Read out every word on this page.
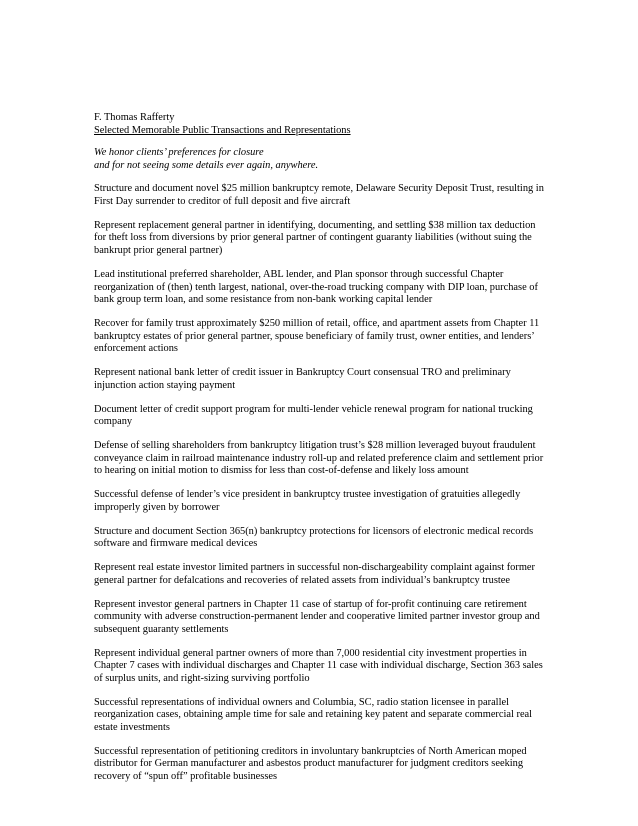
F. Thomas Rafferty
Selected Memorable Public Transactions and Representations
We honor clients’ preferences for closure
and for not seeing some details ever again, anywhere.

Structure and document novel $25 million bankruptcy remote, Delaware Security Deposit Trust, resulting in First Day surrender to creditor of full deposit and five aircraft

Represent replacement general partner in identifying, documenting, and settling $38 million tax deduction for theft loss from diversions by prior general partner of contingent guaranty liabilities (without suing the bankrupt prior general partner)

Lead institutional preferred shareholder, ABL lender, and Plan sponsor through successful Chapter reorganization of (then) tenth largest, national, over-the-road trucking company with DIP loan, purchase of bank group term loan, and some resistance from non-bank working capital lender

Recover for family trust approximately $250 million of retail, office, and apartment assets from Chapter 11 bankruptcy estates of prior general partner, spouse beneficiary of family trust, owner entities, and lenders’ enforcement actions

Represent national bank letter of credit issuer in Bankruptcy Court consensual TRO and preliminary injunction action staying payment

Document letter of credit support program for multi-lender vehicle renewal program for national trucking company

Defense of selling shareholders from bankruptcy litigation trust’s $28 million leveraged buyout fraudulent conveyance claim in railroad maintenance industry roll-up and related preference claim and settlement prior to hearing on initial motion to dismiss for less than cost-of-defense and likely loss amount

Successful defense of lender’s vice president in bankruptcy trustee investigation of gratuities allegedly improperly given by borrower

Structure and document Section 365(n) bankruptcy protections for licensors of electronic medical records software and firmware medical devices

Represent real estate investor limited partners in successful non-dischargeability complaint against former general partner for defalcations and recoveries of related assets from individual’s bankruptcy trustee

Represent investor general partners in Chapter 11 case of startup of for-profit continuing care retirement community with adverse construction-permanent lender and cooperative limited partner investor group and subsequent guaranty settlements

Represent individual general partner owners of more than 7,000 residential city investment properties in Chapter 7 cases with individual discharges and Chapter 11 case with individual discharge, Section 363 sales of surplus units, and right-sizing surviving portfolio

Successful representations of individual owners and Columbia, SC, radio station licensee in parallel reorganization cases, obtaining ample time for sale and retaining key patent and separate commercial real estate investments

Successful representation of petitioning creditors in involuntary bankruptcies of North American moped distributor for German manufacturer and asbestos product manufacturer for judgment creditors seeking recovery of “spun off” profitable businesses
